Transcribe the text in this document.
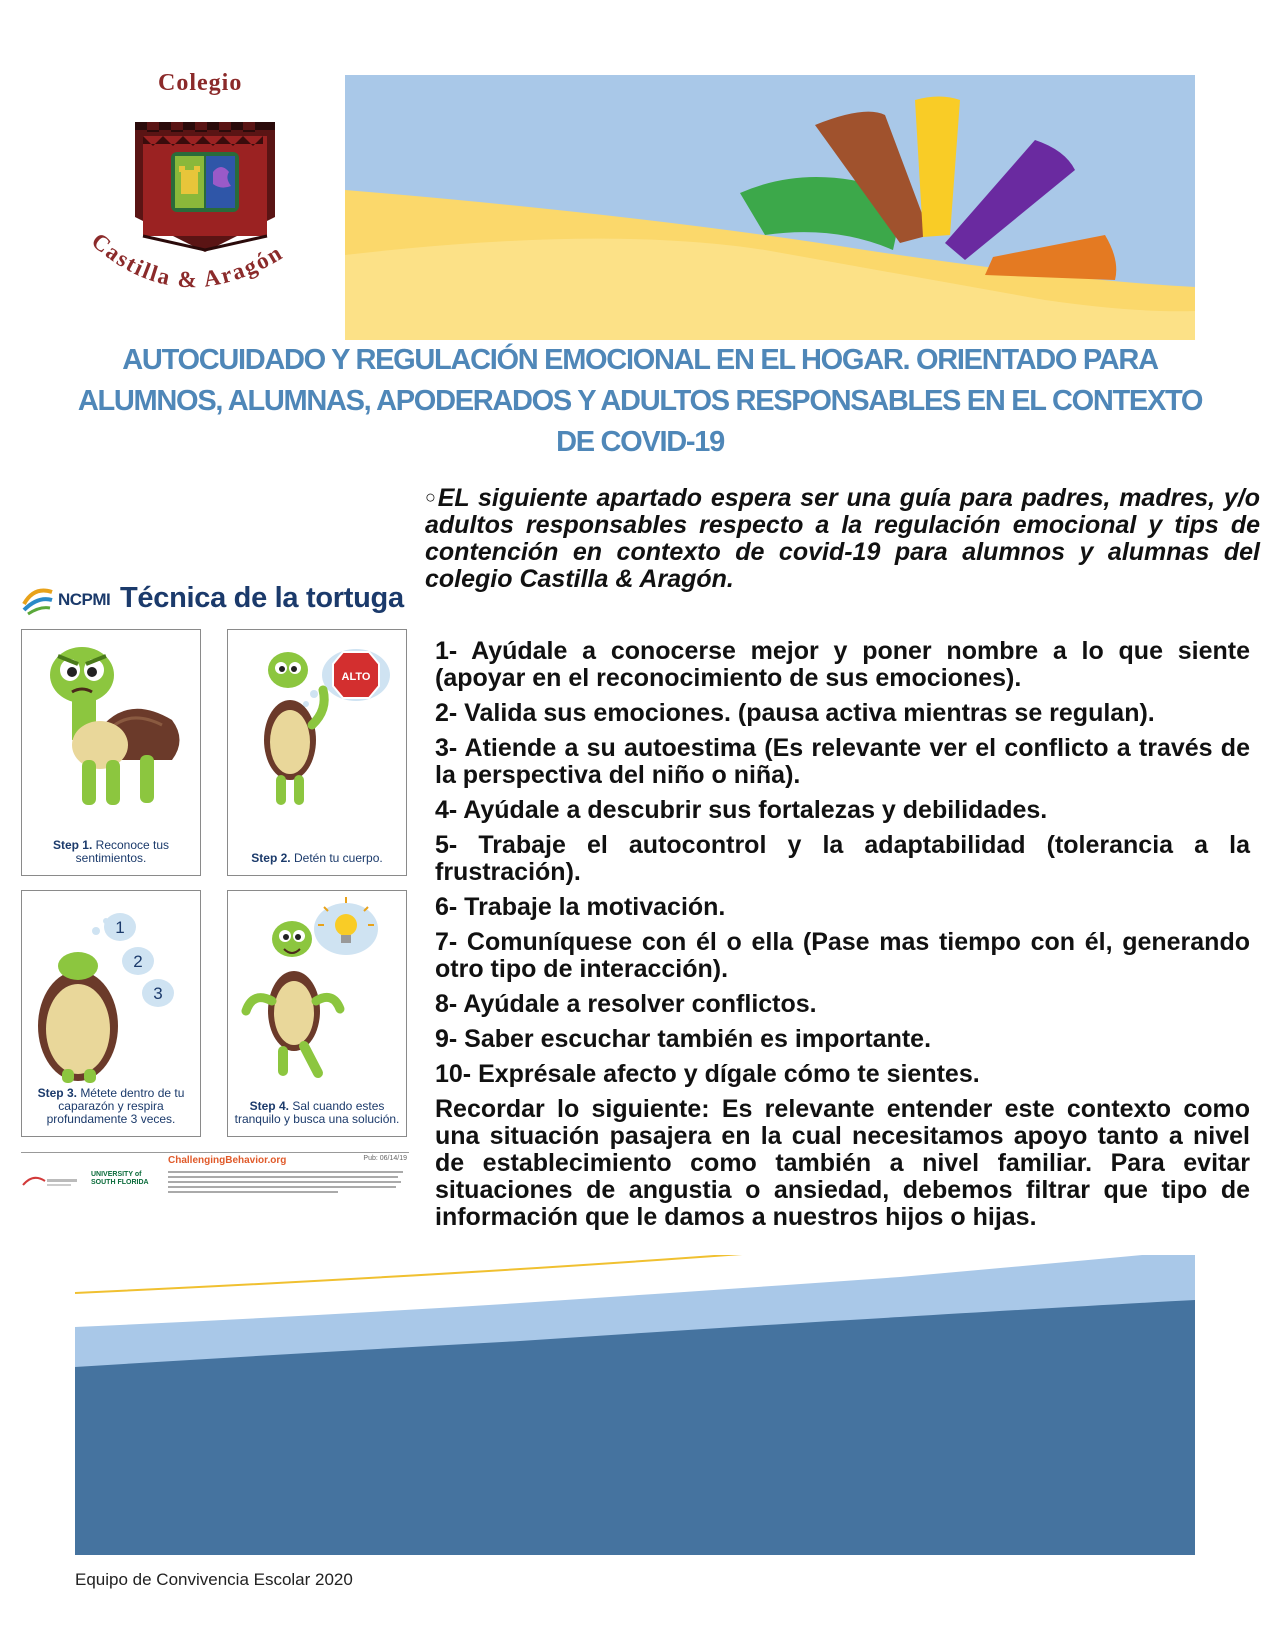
Colegio
Castilla & Aragón
AUTOCUIDADO Y REGULACIÓN EMOCIONAL EN EL HOGAR. ORIENTADO PARA ALUMNOS, ALUMNAS, APODERADOS Y ADULTOS RESPONSABLES EN EL CONTEXTO DE COVID-19
○EL siguiente apartado espera ser una guía para padres, madres, y/o adultos responsables respecto a la regulación emocional y tips de contención en contexto de covid-19 para alumnos y alumnas del colegio Castilla & Aragón.
1- Ayúdale a conocerse mejor y poner nombre a lo que siente (apoyar en el reconocimiento de sus emociones).
2- Valida sus emociones. (pausa activa mientras se regulan).
3- Atiende a su autoestima (Es relevante ver el conflicto a través de la perspectiva del niño o niña).
4- Ayúdale a descubrir sus fortalezas y debilidades.
5- Trabaje el autocontrol y la adaptabilidad (tolerancia a la frustración).
6- Trabaje la motivación.
7- Comuníquese con él o ella (Pase mas tiempo con él, generando otro tipo de interacción).
8- Ayúdale a resolver conflictos.
9- Saber escuchar también es importante.
10- Exprésale afecto y dígale cómo te sientes.
Recordar lo siguiente: Es relevante entender este contexto como una situación pasajera en la cual necesitamos apoyo tanto a nivel de establecimiento como también a nivel familiar. Para evitar situaciones de angustia o ansiedad, debemos filtrar que tipo de información que le damos a nuestros hijos o hijas.
NCPMI Técnica de la tortuga
Step 1. Reconoce tus sentimientos.
ALTO
Step 2. Detén tu cuerpo.
1
2
3
Step 3. Métete dentro de tu caparazón y respira profundamente 3 veces.
Step 4. Sal cuando estes tranquilo y busca una solución.
UNIVERSITY of SOUTH FLORIDA
ChallengingBehavior.org	Pub: 06/14/19
Equipo de Convivencia Escolar 2020
